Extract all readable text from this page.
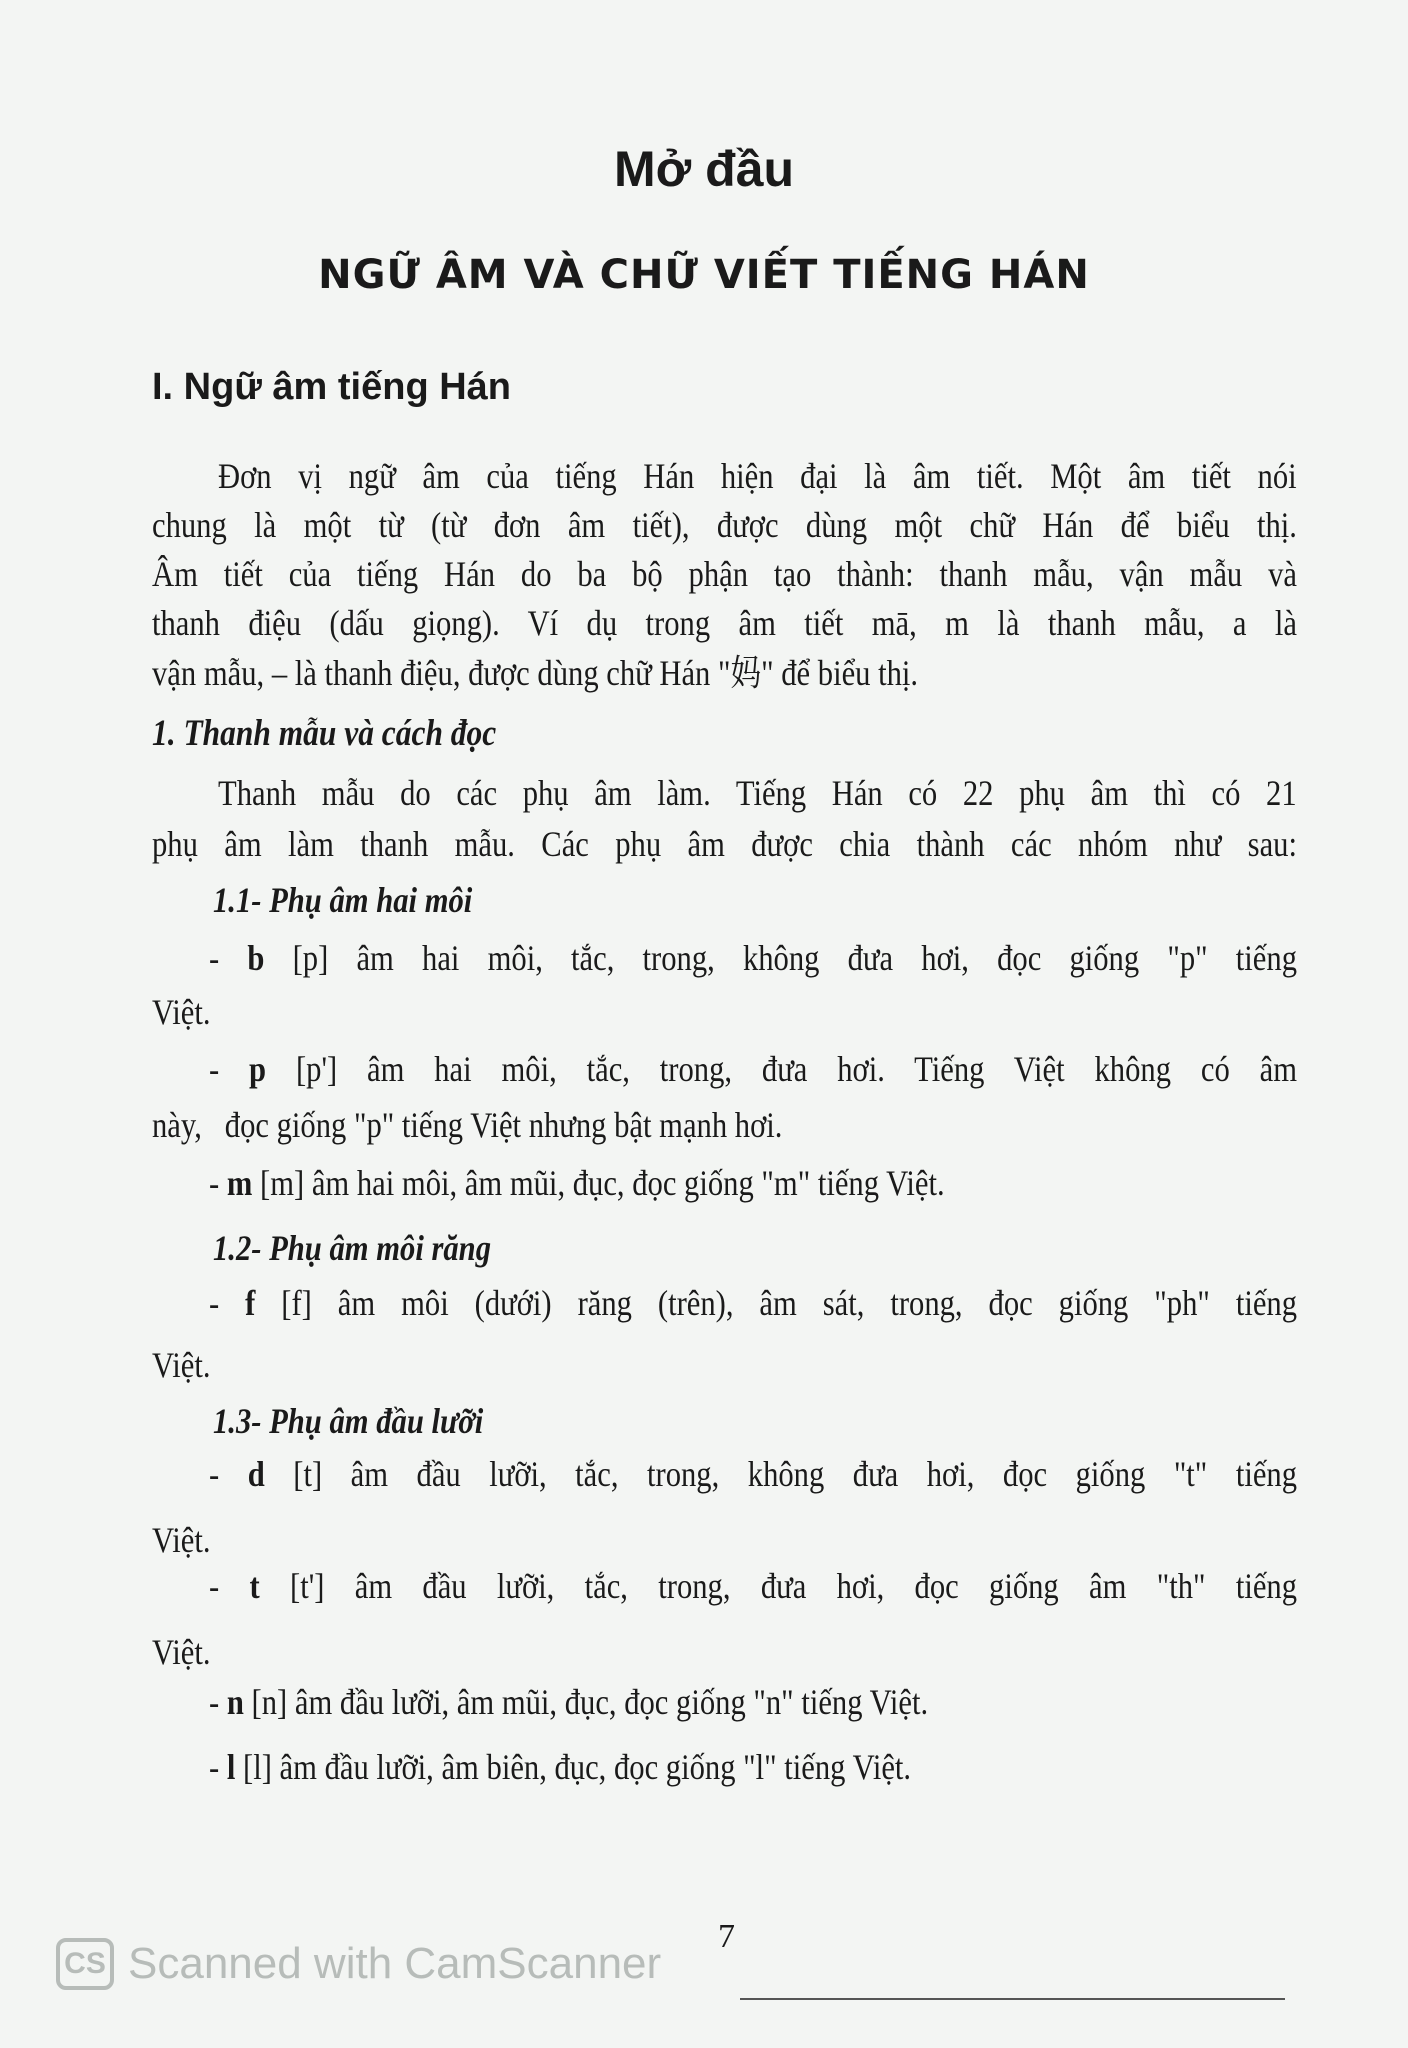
Mở đầu
NGỮ ÂM VÀ CHỮ VIẾT TIẾNG HÁN
I. Ngữ âm tiếng Hán
Đơn vị ngữ âm của tiếng Hán hiện đại là âm tiết. Một âm tiết nói
chung là một từ (từ đơn âm tiết), được dùng một chữ Hán để biểu thị.
Âm tiết của tiếng Hán do ba bộ phận tạo thành: thanh mẫu, vận mẫu và
thanh điệu (dấu giọng). Ví dụ trong âm tiết mā, m là thanh mẫu, a là
vận mẫu, – là thanh điệu, được dùng chữ Hán "妈" để biểu thị.
1. Thanh mẫu và cách đọc
Thanh mẫu do các phụ âm làm. Tiếng Hán có 22 phụ âm thì có 21
phụ âm làm thanh mẫu. Các phụ âm được chia thành các nhóm như sau:
1.1- Phụ âm hai môi
- b [p] âm hai môi, tắc, trong, không đưa hơi, đọc giống "p" tiếng
Việt.
- p [p'] âm hai môi, tắc, trong, đưa hơi. Tiếng Việt không có âm
này,   đọc giống "p" tiếng Việt nhưng bật mạnh hơi.
- m [m] âm hai môi, âm mũi, đục, đọc giống "m" tiếng Việt.
1.2- Phụ âm môi răng
- f [f] âm môi (dưới) răng (trên), âm sát, trong, đọc giống "ph" tiếng
Việt.
1.3- Phụ âm đầu lưỡi
- d [t] âm đầu lưỡi, tắc, trong, không đưa hơi, đọc giống "t" tiếng
Việt.
- t [t'] âm đầu lưỡi, tắc, trong, đưa hơi, đọc giống âm "th" tiếng
Việt.
- n [n] âm đầu lưỡi, âm mũi, đục, đọc giống "n" tiếng Việt.
- l [l] âm đầu lưỡi, âm biên, đục, đọc giống "l" tiếng Việt.
7
CS Scanned with CamScanner
